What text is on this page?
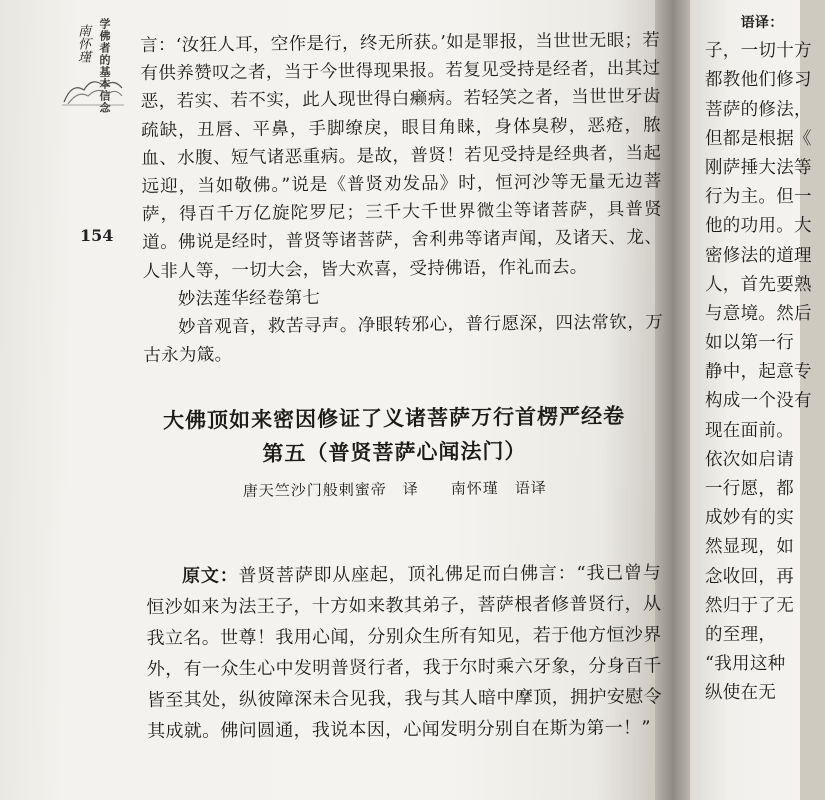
南怀瑾 学佛者的基本信念
154

言：‘汝狂人耳，空作是行，终无所获。’如是罪报，当世世无眼；若有供养赞叹之者，当于今世得现果报。若复见受持是经者，出其过恶，若实、若不实，此人现世得白癞病。若轻笑之者，当世世牙齿疏缺，丑唇、平鼻，手脚缭戾，眼目角睐，身体臭秽，恶疮，脓血、水腹、短气诸恶重病。是故，普贤！若见受持是经典者，当起远迎，当如敬佛。”说是《普贤劝发品》时，恒河沙等无量无边菩萨，得百千万亿旋陀罗尼；三千大千世界微尘等诸菩萨，具普贤道。佛说是经时，普贤等诸菩萨，舍利弗等诸声闻，及诸天、龙、人非人等，一切大会，皆大欢喜，受持佛语，作礼而去。

妙法莲华经卷第七

妙音观音，救苦寻声。净眼转邪心，普行愿深，四法常钦，万古永为箴。

大佛顶如来密因修证了义诸菩萨万行首楞严经卷

第五（普贤菩萨心闻法门）

唐天竺沙门般剌蜜帝　译　　南怀瑾　语译

原文：普贤菩萨即从座起，顶礼佛足而白佛言：“我已曾与恒沙如来为法王子，十方如来教其弟子，菩萨根者修普贤行，从我立名。世尊！我用心闻，分别众生所有知见，若于他方恒沙界外，有一众生心中发明普贤行者，我于尔时乘六牙象，分身百千皆至其处，纵彼障深未合见我，我与其人暗中摩顶，拥护安慰令其成就。佛问圆通，我说本因，心闻发明分别自在斯为第一！”

　　语译：
子，一切十方
都教他们修习
菩萨的修法，
但都是根据《
刚萨捶大法等
行为主。但一
他的功用。大
密修法的道理
人，首先要熟
与意境。然后
如以第一行
静中，起意专
构成一个没有
现在面前。
依次如启请
一行愿，都
成妙有的实
然显现，如
念收回，再
然归于了无
的至理，
“我用这种
纵使在无
